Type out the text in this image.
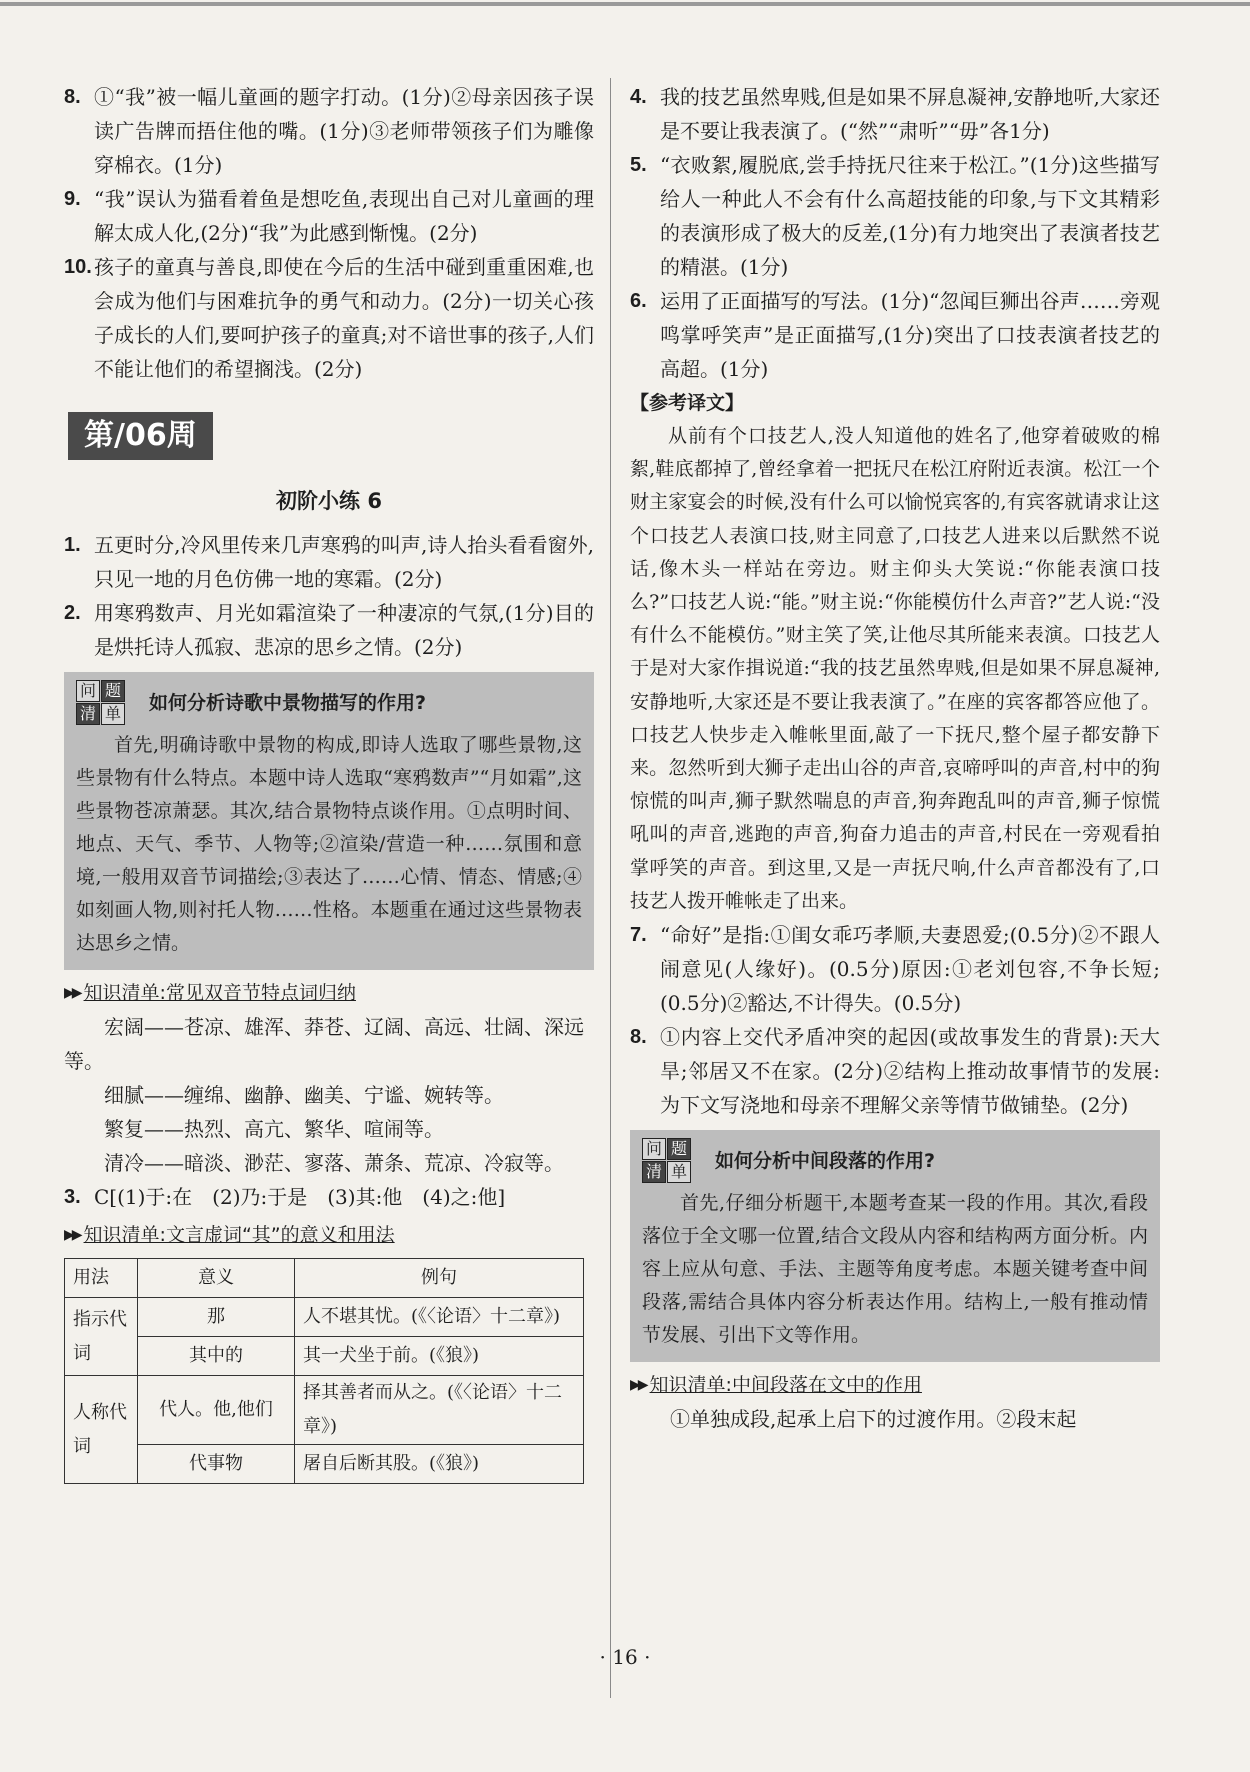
8. ①“我”被一幅儿童画的题字打动。(1分)②母亲因孩子误读广告牌而捂住他的嘴。(1分)③老师带领孩子们为雕像穿棉衣。(1分)
9. “我”误认为猫看着鱼是想吃鱼,表现出自己对儿童画的理解太成人化,(2分)“我”为此感到惭愧。(2分)
10. 孩子的童真与善良,即使在今后的生活中碰到重重困难,也会成为他们与困难抗争的勇气和动力。(2分)一切关心孩子成长的人们,要呵护孩子的童真;对不谙世事的孩子,人们不能让他们的希望搁浅。(2分)
第/06周
初阶小练 6
1. 五更时分,冷风里传来几声寒鸦的叫声,诗人抬头看看窗外,只见一地的月色仿佛一地的寒霜。(2分)
2. 用寒鸦数声、月光如霜渲染了一种凄凉的气氛,(1分)目的是烘托诗人孤寂、悲凉的思乡之情。(2分)
问 题
清 单 如何分析诗歌中景物描写的作用?
首先,明确诗歌中景物的构成,即诗人选取了哪些景物,这些景物有什么特点。本题中诗人选取“寒鸦数声”“月如霜”,这些景物苍凉萧瑟。其次,结合景物特点谈作用。①点明时间、地点、天气、季节、人物等;②渲染/营造一种……氛围和意境,一般用双音节词描绘;③表达了……心情、情态、情感;④如刻画人物,则衬托人物……性格。本题重在通过这些景物表达思乡之情。
▶▶ 知识清单:常见双音节特点词归纳
宏阔——苍凉、雄浑、莽苍、辽阔、高远、壮阔、深远等。
细腻——缠绵、幽静、幽美、宁谧、婉转等。
繁复——热烈、高亢、繁华、喧闹等。
清冷——暗淡、渺茫、寥落、萧条、荒凉、冷寂等。
3. C[(1)于:在　(2)乃:于是　(3)其:他　(4)之:他]
▶▶ 知识清单:文言虚词“其”的意义和用法
用法	意义	例句
指示代词	那	人不堪其忧。(《〈论语〉十二章》)
	其中的	其一犬坐于前。(《狼》)
人称代词	代人。他,他们	择其善者而从之。(《〈论语〉十二章》)
	代事物	屠自后断其股。(《狼》)
4. 我的技艺虽然卑贱,但是如果不屏息凝神,安静地听,大家还是不要让我表演了。(“然”“肃听”“毋”各1分)
5. “衣败絮,履脱底,尝手持抚尺往来于松江。”(1分)这些描写给人一种此人不会有什么高超技能的印象,与下文其精彩的表演形成了极大的反差,(1分)有力地突出了表演者技艺的精湛。(1分)
6. 运用了正面描写的写法。(1分)“忽闻巨狮出谷声……旁观鸣掌呼笑声”是正面描写,(1分)突出了口技表演者技艺的高超。(1分)
【参考译文】
从前有个口技艺人,没人知道他的姓名了,他穿着破败的棉絮,鞋底都掉了,曾经拿着一把抚尺在松江府附近表演。松江一个财主家宴会的时候,没有什么可以愉悦宾客的,有宾客就请求让这个口技艺人表演口技,财主同意了,口技艺人进来以后默然不说话,像木头一样站在旁边。财主仰头大笑说:“你能表演口技么?”口技艺人说:“能。”财主说:“你能模仿什么声音?”艺人说:“没有什么不能模仿。”财主笑了笑,让他尽其所能来表演。口技艺人于是对大家作揖说道:“我的技艺虽然卑贱,但是如果不屏息凝神,安静地听,大家还是不要让我表演了。”在座的宾客都答应他了。口技艺人快步走入帷帐里面,敲了一下抚尺,整个屋子都安静下来。忽然听到大狮子走出山谷的声音,哀啼呼叫的声音,村中的狗惊慌的叫声,狮子默然喘息的声音,狗奔跑乱叫的声音,狮子惊慌吼叫的声音,逃跑的声音,狗奋力追击的声音,村民在一旁观看拍掌呼笑的声音。到这里,又是一声抚尺响,什么声音都没有了,口技艺人拨开帷帐走了出来。
7. “命好”是指:①闺女乖巧孝顺,夫妻恩爱;(0.5分)②不跟人闹意见(人缘好)。(0.5分)原因:①老刘包容,不争长短;(0.5分)②豁达,不计得失。(0.5分)
8. ①内容上交代矛盾冲突的起因(或故事发生的背景):天大旱;邻居又不在家。(2分)②结构上推动故事情节的发展:为下文写浇地和母亲不理解父亲等情节做铺垫。(2分)
问 题
清 单 如何分析中间段落的作用?
首先,仔细分析题干,本题考查某一段的作用。其次,看段落位于全文哪一位置,结合文段从内容和结构两方面分析。内容上应从句意、手法、主题等角度考虑。本题关键考查中间段落,需结合具体内容分析表达作用。结构上,一般有推动情节发展、引出下文等作用。
▶▶ 知识清单:中间段落在文中的作用
①单独成段,起承上启下的过渡作用。②段末起
· 16 ·
